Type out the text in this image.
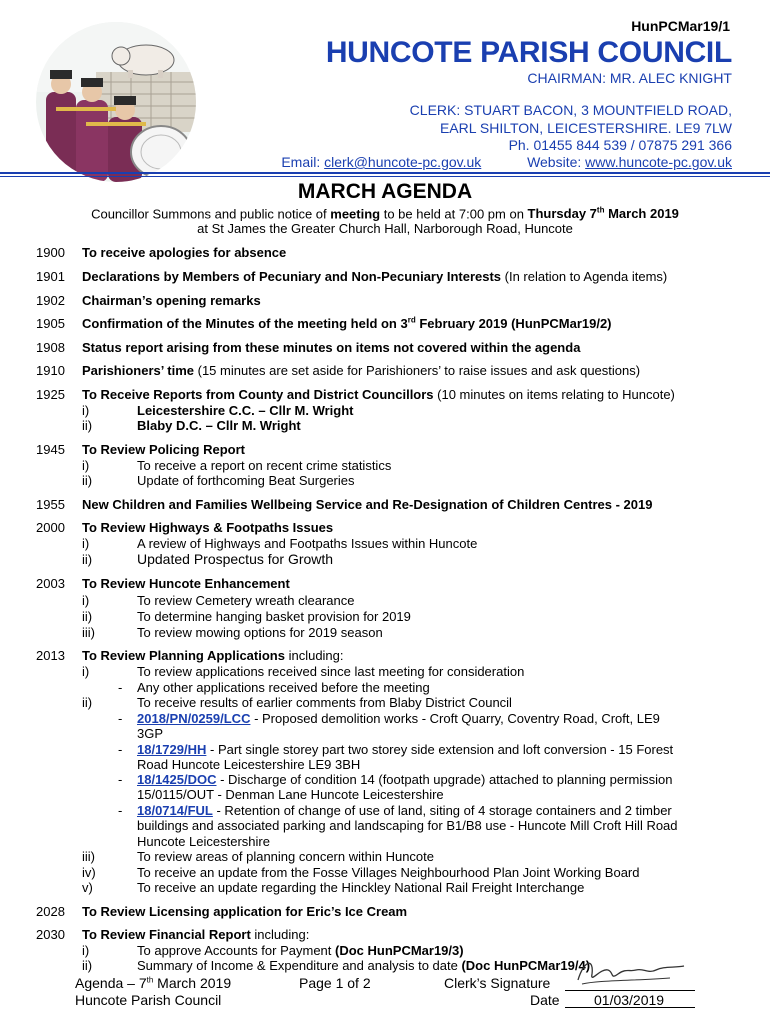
HunPCMar19/1
HUNCOTE PARISH COUNCIL
CHAIRMAN: MR. ALEC KNIGHT
CLERK: STUART BACON, 3 MOUNTFIELD ROAD,
EARL SHILTON, LEICESTERSHIRE. LE9 7LW
Ph. 01455 844 539 / 07875 291 366
Email: clerk@huncote-pc.gov.uk	Website: www.huncote-pc.gov.uk
MARCH AGENDA
Councillor Summons and public notice of meeting to be held at 7:00 pm on Thursday 7th March 2019
at St James the Greater Church Hall, Narborough Road, Huncote
1900 To receive apologies for absence
1901 Declarations by Members of Pecuniary and Non-Pecuniary Interests (In relation to Agenda items)
1902 Chairman’s opening remarks
1905 Confirmation of the Minutes of the meeting held on 3rd February 2019 (HunPCMar19/2)
1908 Status report arising from these minutes on items not covered within the agenda
1910 Parishioners’ time (15 minutes are set aside for Parishioners’ to raise issues and ask questions)
1925 To Receive Reports from County and District Councillors (10 minutes on items relating to Huncote)
i)	Leicestershire C.C. – Cllr M. Wright
ii)	Blaby D.C. – Cllr M. Wright
1945 To Review Policing Report
i)	To receive a report on recent crime statistics
ii)	Update of forthcoming Beat Surgeries
1955 New Children and Families Wellbeing Service and Re-Designation of Children Centres - 2019
2000 To Review Highways & Footpaths Issues
i)	A review of Highways and Footpaths Issues within Huncote
ii)	Updated Prospectus for Growth
2003 To Review Huncote Enhancement
i)	To review Cemetery wreath clearance
ii)	To determine hanging basket provision for 2019
iii)	To review mowing options for 2019 season
2013 To Review Planning Applications including:
i)	To review applications received since last meeting for consideration
- Any other applications received before the meeting
ii)	To receive results of earlier comments from Blaby District Council
- 2018/PN/0259/LCC - Proposed demolition works - Croft Quarry, Coventry Road, Croft, LE9
3GP
- 18/1729/HH - Part single storey part two storey side extension and loft conversion - 15 Forest
Road Huncote Leicestershire LE9 3BH
- 18/1425/DOC - Discharge of condition 14 (footpath upgrade) attached to planning permission
15/0115/OUT - Denman Lane Huncote Leicestershire
- 18/0714/FUL - Retention of change of use of land, siting of 4 storage containers and 2 timber
buildings and associated parking and landscaping for B1/B8 use - Huncote Mill Croft Hill Road
Huncote Leicestershire
iii)	To review areas of planning concern within Huncote
iv)	To receive an update from the Fosse Villages Neighbourhood Plan Joint Working Board
v)	To receive an update regarding the Hinckley National Rail Freight Interchange
2028 To Review Licensing application for Eric’s Ice Cream
2030 To Review Financial Report including:
i)	To approve Accounts for Payment (Doc HunPCMar19/3)
ii)	Summary of Income & Expenditure and analysis to date (Doc HunPCMar19/4)
Agenda – 7th March 2019	Page 1 of 2	Clerk’s Signature
Huncote Parish Council	Date 01/03/2019
